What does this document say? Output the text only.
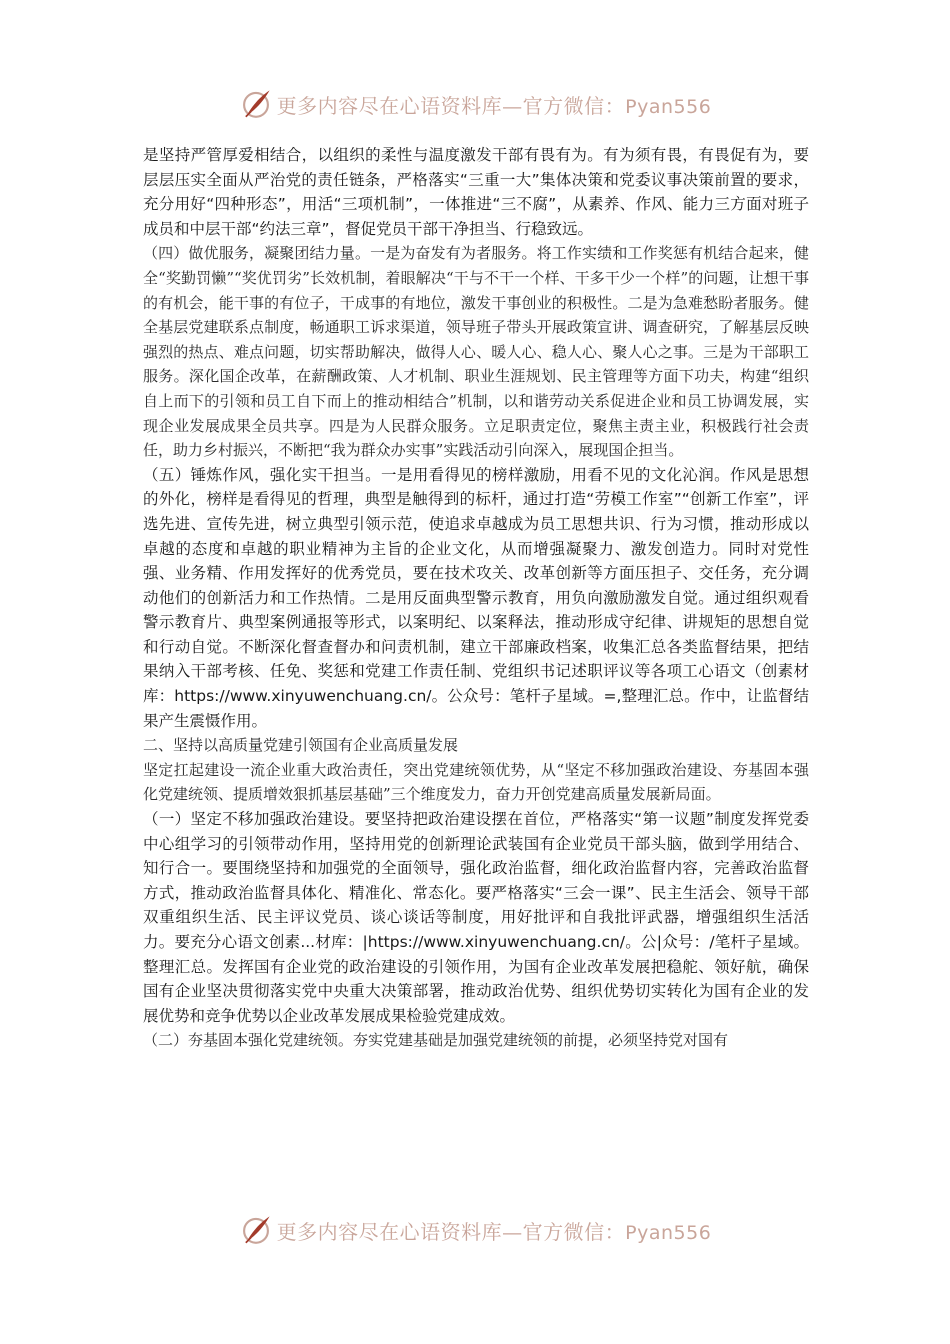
更多内容尽在心语资料库—官方微信：Pyan556

是坚持严管厚爱相结合，以组织的柔性与温度激发干部有畏有为。有为须有畏，有畏促有为，要层层压实全面从严治党的责任链条，严格落实“三重一大”集体决策和党委议事决策前置的要求，充分用好“四种形态”，用活“三项机制”，一体推进“三不腐”，从素养、作风、能力三方面对班子成员和中层干部“约法三章”，督促党员干部干净担当、行稳致远。

（四）做优服务，凝聚团结力量。一是为奋发有为者服务。将工作实绩和工作奖惩有机结合起来，健全“奖勤罚懒”“奖优罚劣”长效机制，着眼解决“干与不干一个样、干多干少一个样”的问题，让想干事的有机会，能干事的有位子，干成事的有地位，激发干事创业的积极性。二是为急难愁盼者服务。健全基层党建联系点制度，畅通职工诉求渠道，领导班子带头开展政策宣讲、调查研究，了解基层反映强烈的热点、难点问题，切实帮助解决，做得人心、暖人心、稳人心、聚人心之事。三是为干部职工服务。深化国企改革，在薪酬政策、人才机制、职业生涯规划、民主管理等方面下功夫，构建“组织自上而下的引领和员工自下而上的推动相结合”机制，以和谐劳动关系促进企业和员工协调发展，实现企业发展成果全员共享。四是为人民群众服务。立足职责定位，聚焦主责主业，积极践行社会责任，助力乡村振兴，不断把“我为群众办实事”实践活动引向深入，展现国企担当。

（五）锤炼作风，强化实干担当。一是用看得见的榜样激励，用看不见的文化沁润。作风是思想的外化，榜样是看得见的哲理，典型是触得到的标杆，通过打造“劳模工作室”“创新工作室”，评选先进、宣传先进，树立典型引领示范，使追求卓越成为员工思想共识、行为习惯，推动形成以卓越的态度和卓越的职业精神为主旨的企业文化，从而增强凝聚力、激发创造力。同时对党性强、业务精、作用发挥好的优秀党员，要在技术攻关、改革创新等方面压担子、交任务，充分调动他们的创新活力和工作热情。二是用反面典型警示教育，用负向激励激发自觉。通过组织观看警示教育片、典型案例通报等形式，以案明纪、以案释法，推动形成守纪律、讲规矩的思想自觉和行动自觉。不断深化督查督办和问责机制，建立干部廉政档案，收集汇总各类监督结果，把结果纳入干部考核、任免、奖惩和党建工作责任制、党组织书记述职评议等各项工心语文（创素材库：https://www.xinyuwenchuang.cn/。公众号：笔杆子星域。=,整理汇总。作中，让监督结果产生震慑作用。

二、坚持以高质量党建引领国有企业高质量发展

坚定扛起建设一流企业重大政治责任，突出党建统领优势，从“坚定不移加强政治建设、夯基固本强化党建统领、提质增效狠抓基层基础”三个维度发力，奋力开创党建高质量发展新局面。

（一）坚定不移加强政治建设。要坚持把政治建设摆在首位，严格落实“第一议题”制度发挥党委中心组学习的引领带动作用，坚持用党的创新理论武装国有企业党员干部头脑，做到学用结合、知行合一。要围绕坚持和加强党的全面领导，强化政治监督，细化政治监督内容，完善政治监督方式，推动政治监督具体化、精准化、常态化。要严格落实“三会一课”、民主生活会、领导干部双重组织生活、民主评议党员、谈心谈话等制度，用好批评和自我批评武器，增强组织生活活力。要充分心语文创素...材库：|https://www.xinyuwenchuang.cn/。公|众号：/笔杆子星域。整理汇总。发挥国有企业党的政治建设的引领作用，为国有企业改革发展把稳舵、领好航，确保国有企业坚决贯彻落实党中央重大决策部署，推动政治优势、组织优势切实转化为国有企业的发展优势和竞争优势以企业改革发展成果检验党建成效。

（二）夯基固本强化党建统领。夯实党建基础是加强党建统领的前提，必须坚持党对国有

更多内容尽在心语资料库—官方微信：Pyan556
